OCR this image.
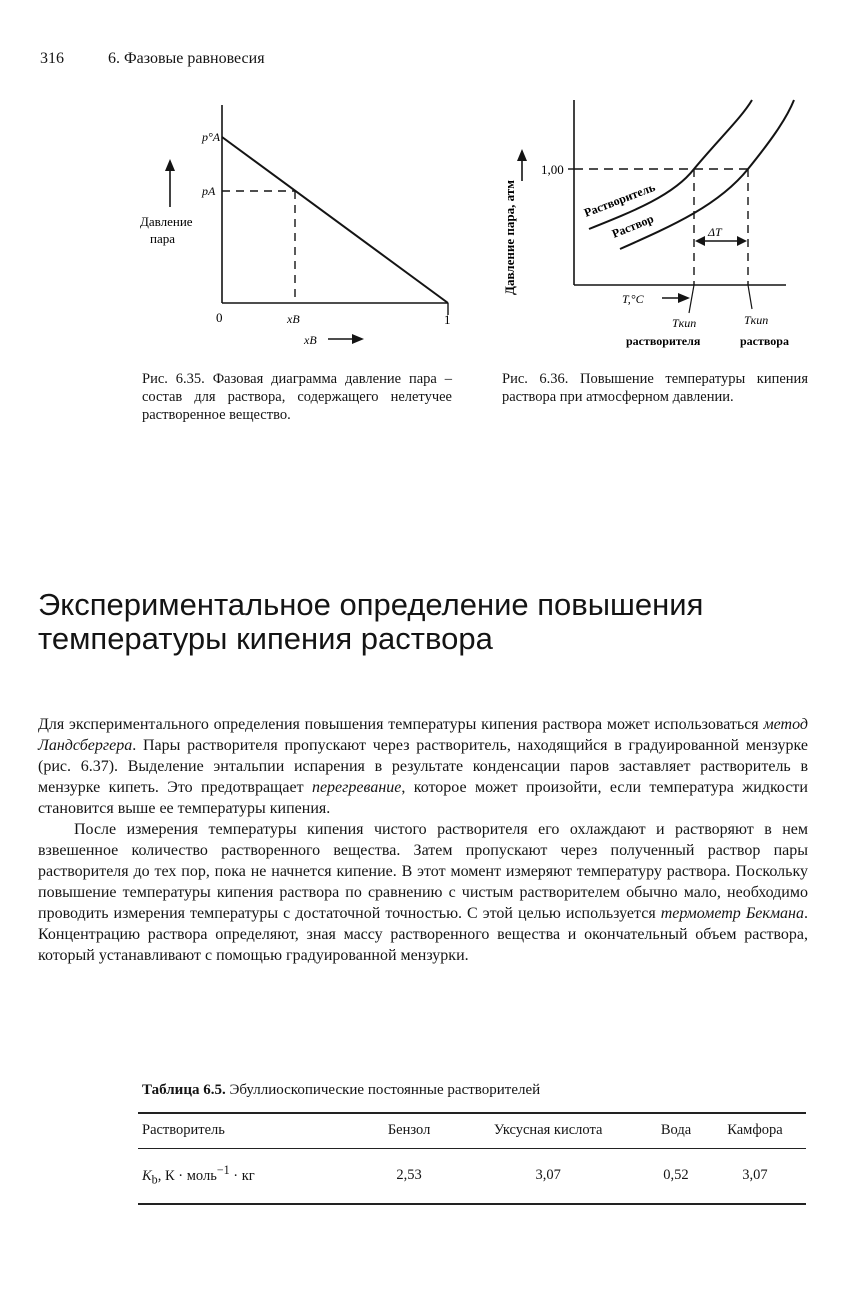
316	6. Фазовые равновесия
p°A
pA
Давление
пара
0	1
xB
xB
Давление пара, атм
1,00
Растворитель
Раствор	ΔT
T,°C
Tкип	Tкип
растворителя	раствора
Рис. 6.35. Фазовая диаграмма давление пара – состав для раствора, содержащего нелетучее растворенное вещество.
Рис. 6.36. Повышение температуры кипения раствора при атмосферном давлении.
Экспериментальное определение повышения температуры кипения раствора

Для экспериментального определения повышения температуры кипения раствора может использоваться метод Ландсбергера. Пары растворителя пропускают через растворитель, находящийся в градуированной мензурке (рис. 6.37). Выделение энтальпии испарения в результате конденсации паров заставляет растворитель в мензурке кипеть. Это предотвращает перегревание, которое может произойти, если температура жидкости становится выше ее температуры кипения.

После измерения температуры кипения чистого растворителя его охлаждают и растворяют в нем взвешенное количество растворенного вещества. Затем пропускают через полученный раствор пары растворителя до тех пор, пока не начнется кипение. В этот момент измеряют температуру раствора. Поскольку повышение температуры кипения раствора по сравнению с чистым растворителем обычно мало, необходимо проводить измерения температуры с достаточной точностью. С этой целью используется термометр Бекмана. Концентрацию раствора определяют, зная массу растворенного вещества и окончательный объем раствора, который устанавливают с помощью градуированной мензурки.

Таблица 6.5. Эбуллиоскопические постоянные растворителей
Растворитель	Бензол	Уксусная кислота	Вода	Камфора
$K_b$, К · моль$^{-1}$ · кг	2,53	3,07	0,52	3,07
